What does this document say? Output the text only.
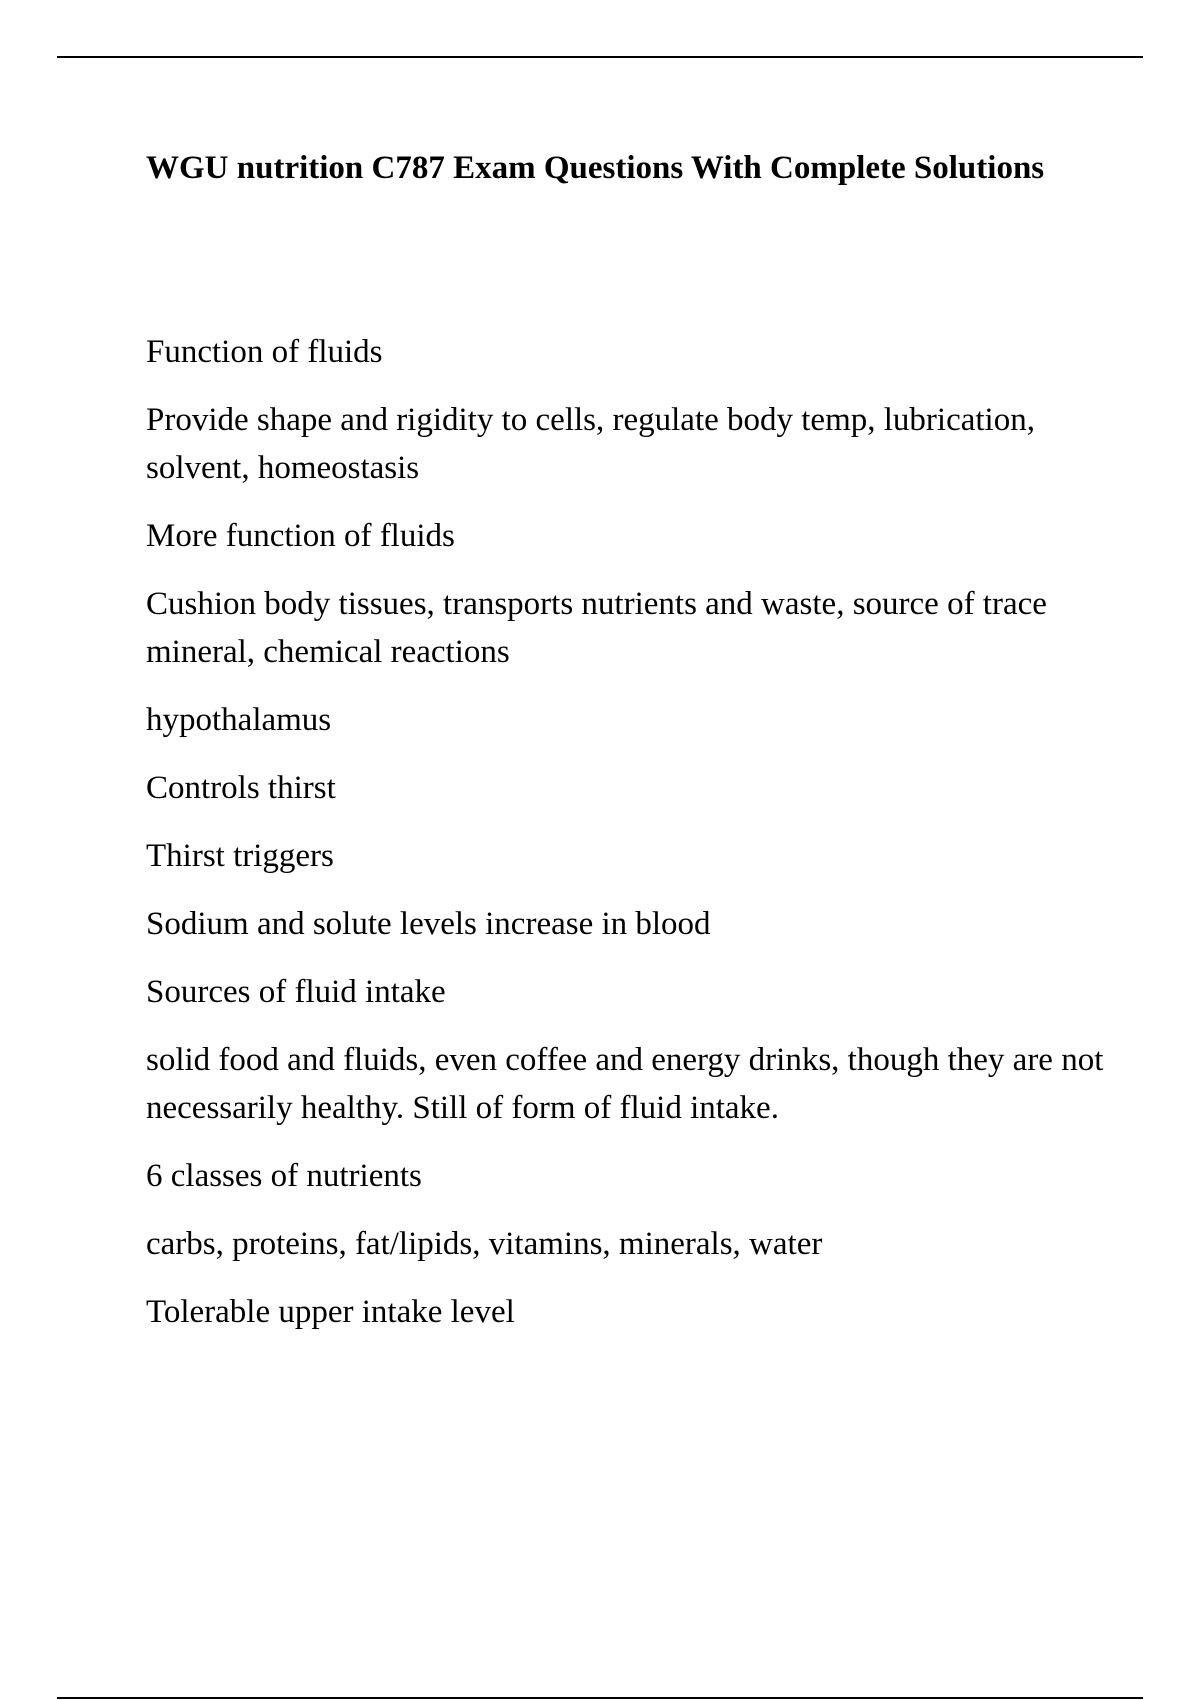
WGU nutrition C787 Exam Questions With Complete Solutions

Function of fluids

Provide shape and rigidity to cells, regulate body temp, lubrication, solvent, homeostasis

More function of fluids

Cushion body tissues, transports nutrients and waste, source of trace mineral, chemical reactions

hypothalamus

Controls thirst

Thirst triggers

Sodium and solute levels increase in blood

Sources of fluid intake

solid food and fluids, even coffee and energy drinks, though they are not necessarily healthy. Still of form of fluid intake.

6 classes of nutrients

carbs, proteins, fat/lipids, vitamins, minerals, water

Tolerable upper intake level
